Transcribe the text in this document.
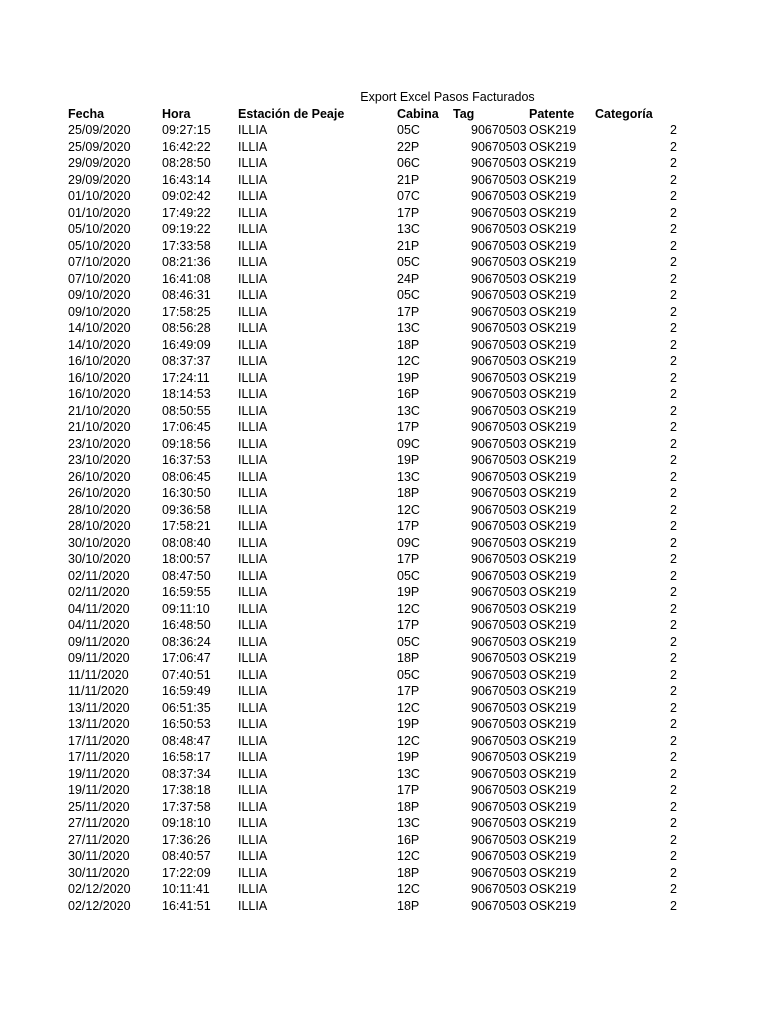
Export Excel Pasos Facturados
Fecha	Hora	Estación de Peaje	Cabina Tag	Patente Categoría
25/09/2020	09:27:15 ILLIA	05C	90670503 OSK219	2
25/09/2020	16:42:22 ILLIA	22P	90670503 OSK219	2
29/09/2020	08:28:50 ILLIA	06C	90670503 OSK219	2
29/09/2020	16:43:14 ILLIA	21P	90670503 OSK219	2
01/10/2020	09:02:42 ILLIA	07C	90670503 OSK219	2
01/10/2020	17:49:22 ILLIA	17P	90670503 OSK219	2
05/10/2020	09:19:22 ILLIA	13C	90670503 OSK219	2
05/10/2020	17:33:58 ILLIA	21P	90670503 OSK219	2
07/10/2020	08:21:36 ILLIA	05C	90670503 OSK219	2
07/10/2020	16:41:08 ILLIA	24P	90670503 OSK219	2
09/10/2020	08:46:31 ILLIA	05C	90670503 OSK219	2
09/10/2020	17:58:25 ILLIA	17P	90670503 OSK219	2
14/10/2020	08:56:28 ILLIA	13C	90670503 OSK219	2
14/10/2020	16:49:09 ILLIA	18P	90670503 OSK219	2
16/10/2020	08:37:37 ILLIA	12C	90670503 OSK219	2
16/10/2020	17:24:11 ILLIA	19P	90670503 OSK219	2
16/10/2020	18:14:53 ILLIA	16P	90670503 OSK219	2
21/10/2020	08:50:55 ILLIA	13C	90670503 OSK219	2
21/10/2020	17:06:45 ILLIA	17P	90670503 OSK219	2
23/10/2020	09:18:56 ILLIA	09C	90670503 OSK219	2
23/10/2020	16:37:53 ILLIA	19P	90670503 OSK219	2
26/10/2020	08:06:45 ILLIA	13C	90670503 OSK219	2
26/10/2020	16:30:50 ILLIA	18P	90670503 OSK219	2
28/10/2020	09:36:58 ILLIA	12C	90670503 OSK219	2
28/10/2020	17:58:21 ILLIA	17P	90670503 OSK219	2
30/10/2020	08:08:40 ILLIA	09C	90670503 OSK219	2
30/10/2020	18:00:57 ILLIA	17P	90670503 OSK219	2
02/11/2020	08:47:50 ILLIA	05C	90670503 OSK219	2
02/11/2020	16:59:55 ILLIA	19P	90670503 OSK219	2
04/11/2020	09:11:10 ILLIA	12C	90670503 OSK219	2
04/11/2020	16:48:50 ILLIA	17P	90670503 OSK219	2
09/11/2020	08:36:24 ILLIA	05C	90670503 OSK219	2
09/11/2020	17:06:47 ILLIA	18P	90670503 OSK219	2
11/11/2020	07:40:51 ILLIA	05C	90670503 OSK219	2
11/11/2020	16:59:49 ILLIA	17P	90670503 OSK219	2
13/11/2020	06:51:35 ILLIA	12C	90670503 OSK219	2
13/11/2020	16:50:53 ILLIA	19P	90670503 OSK219	2
17/11/2020	08:48:47 ILLIA	12C	90670503 OSK219	2
17/11/2020	16:58:17 ILLIA	19P	90670503 OSK219	2
19/11/2020	08:37:34 ILLIA	13C	90670503 OSK219	2
19/11/2020	17:38:18 ILLIA	17P	90670503 OSK219	2
25/11/2020	17:37:58 ILLIA	18P	90670503 OSK219	2
27/11/2020	09:18:10 ILLIA	13C	90670503 OSK219	2
27/11/2020	17:36:26 ILLIA	16P	90670503 OSK219	2
30/11/2020	08:40:57 ILLIA	12C	90670503 OSK219	2
30/11/2020	17:22:09 ILLIA	18P	90670503 OSK219	2
02/12/2020	10:11:41 ILLIA	12C	90670503 OSK219	2
02/12/2020	16:41:51 ILLIA	18P	90670503 OSK219	2
